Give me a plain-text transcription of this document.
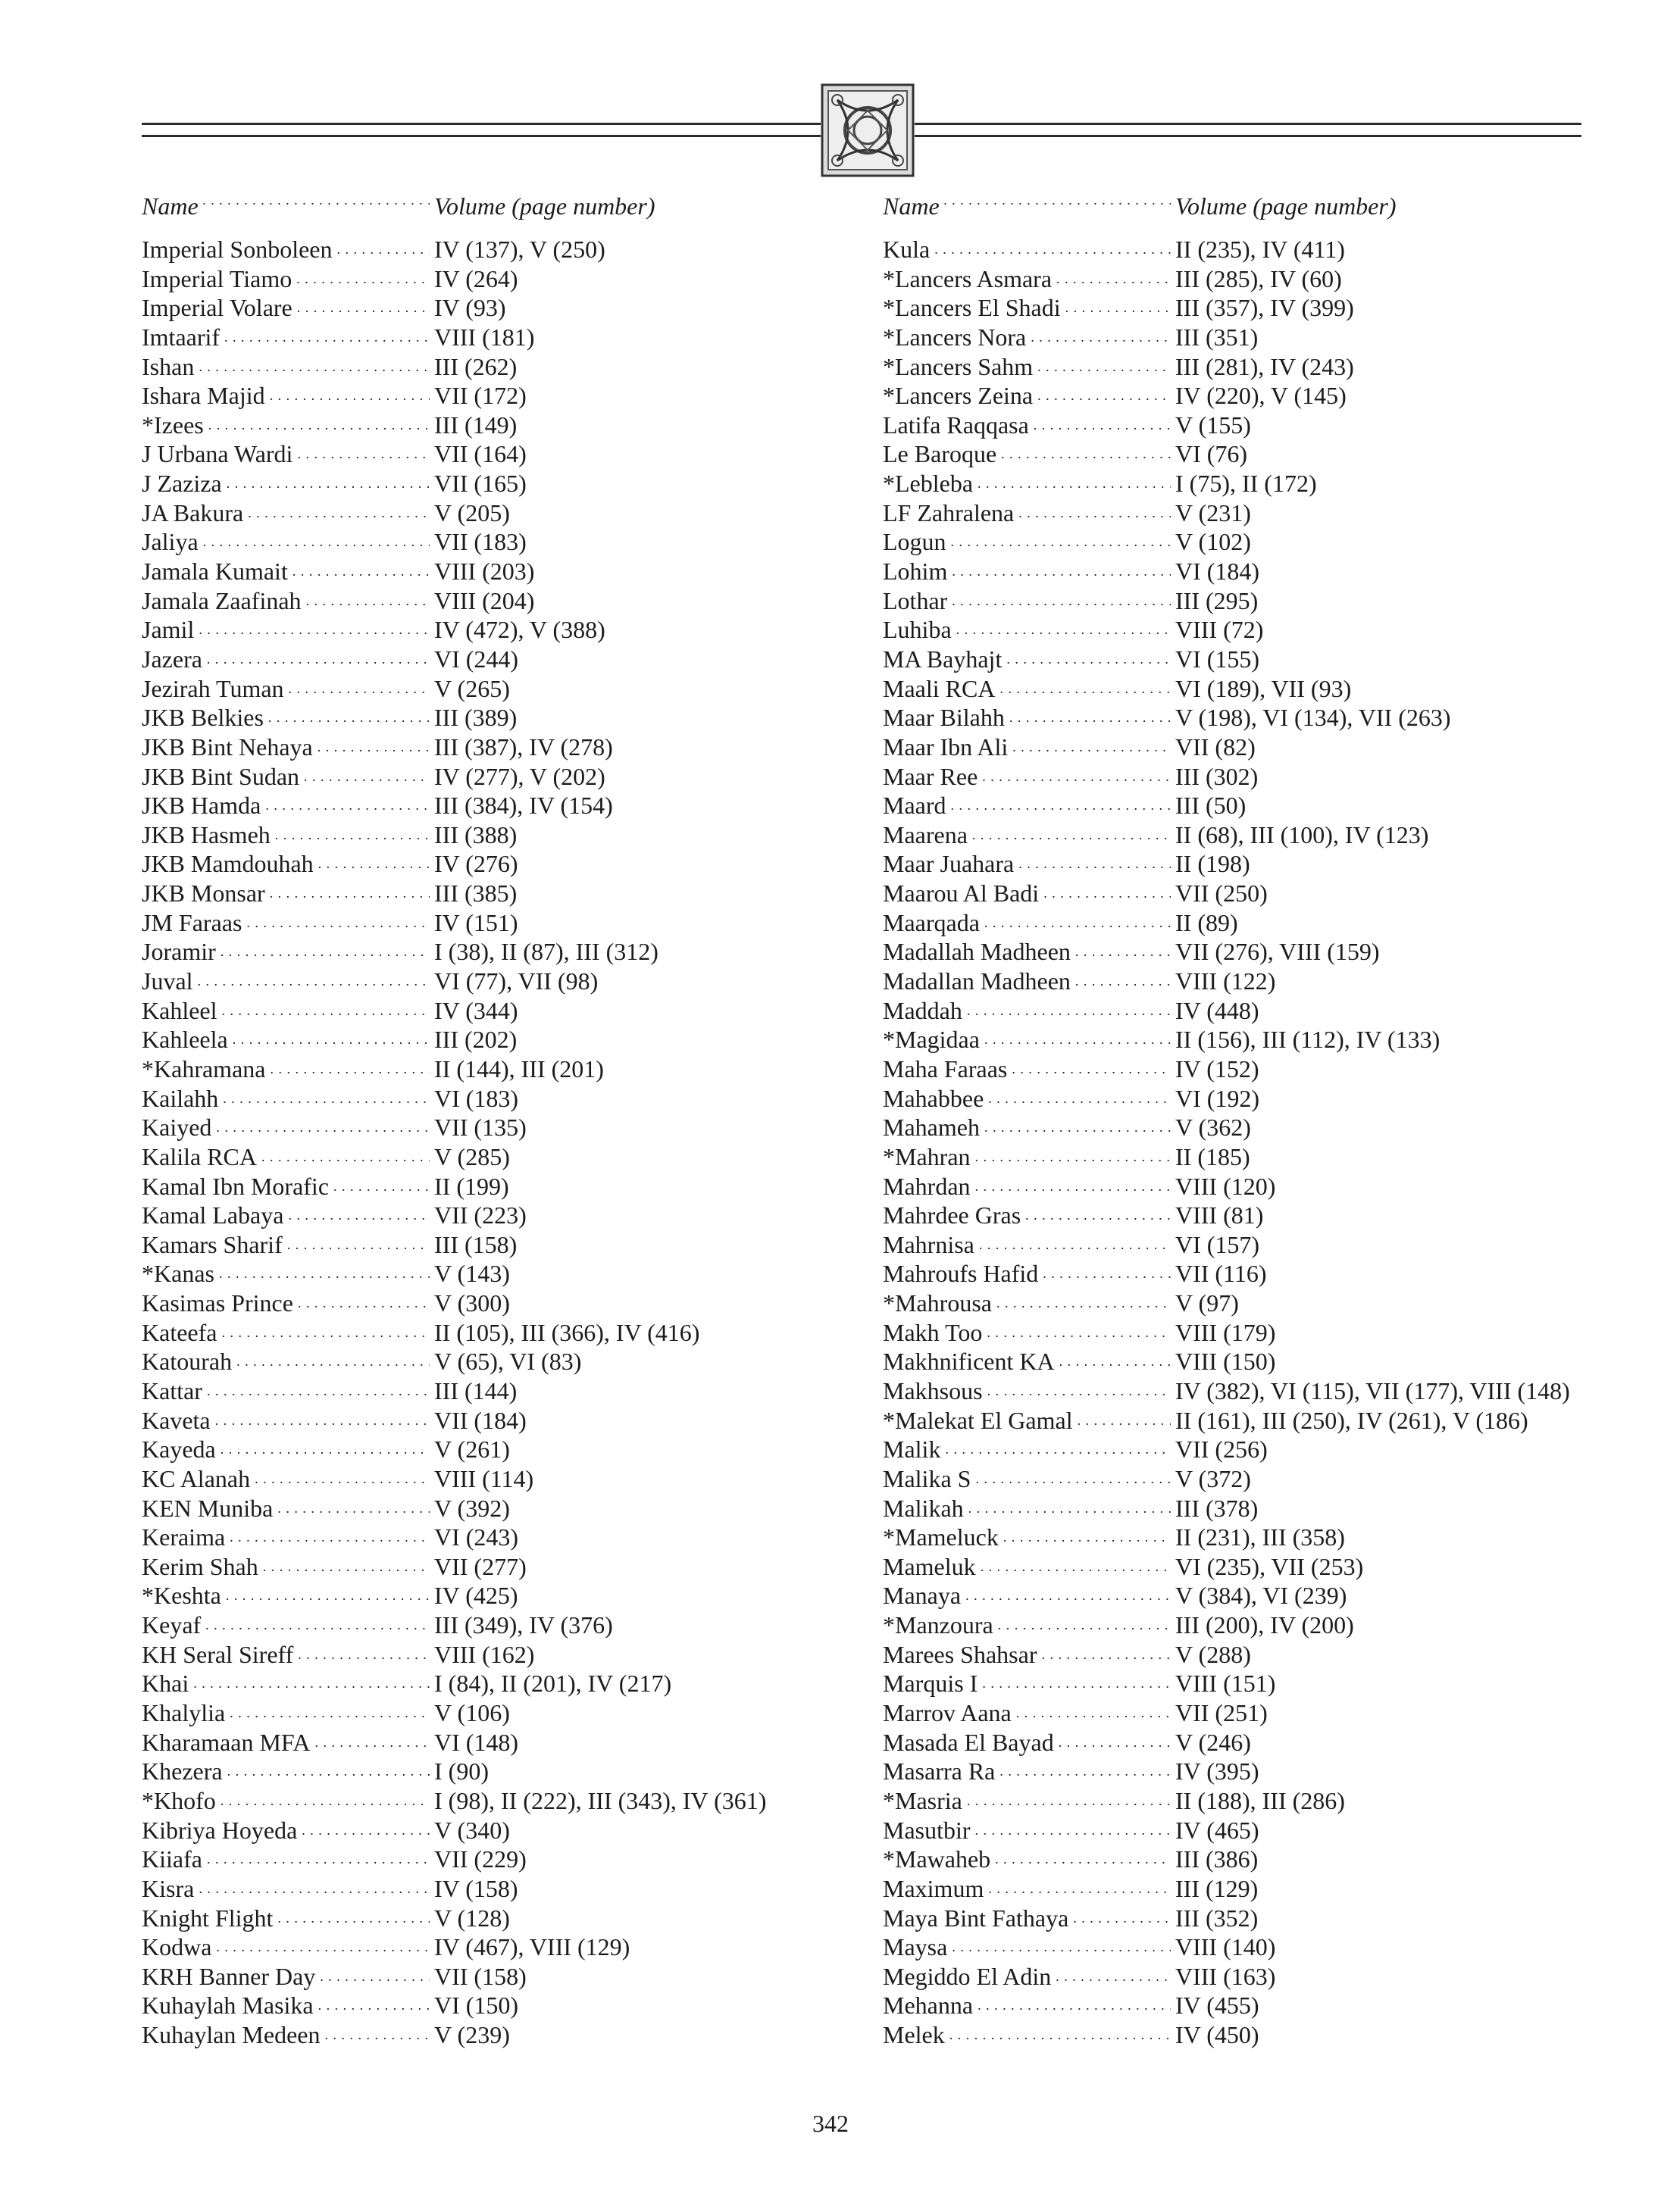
Name . . .	Volume (page number)
Imperial Sonboleen . . .	IV (137), V (250)
Imperial Tiamo . . .	IV (264)
Imperial Volare . . .	IV (93)
Imtaarif . . .	VIII (181)
Ishan . . .	III (262)
Ishara Majid . . .	VII (172)
*Izees . . .	III (149)
J Urbana Wardi . . .	VII (164)
J Zaziza . . .	VII (165)
JA Bakura . . .	V (205)
Jaliya . . .	VII (183)
Jamala Kumait . . .	VIII (203)
Jamala Zaafinah . . .	VIII (204)
Jamil . . .	IV (472), V (388)
Jazera . . .	VI (244)
Jezirah Tuman . . .	V (265)
JKB Belkies . . .	III (389)
JKB Bint Nehaya . . .	III (387), IV (278)
JKB Bint Sudan . . .	IV (277), V (202)
JKB Hamda . . .	III (384), IV (154)
JKB Hasmeh . . .	III (388)
JKB Mamdouhah . . .	IV (276)
JKB Monsar . . .	III (385)
JM Faraas . . .	IV (151)
Joramir . . .	I (38), II (87), III (312)
Juval . . .	VI (77), VII (98)
Kahleel . . .	IV (344)
Kahleela . . .	III (202)
*Kahramana . . .	II (144), III (201)
Kailahh . . .	VI (183)
Kaiyed . . .	VII (135)
Kalila RCA . . .	V (285)
Kamal Ibn Morafic . . .	II (199)
Kamal Labaya . . .	VII (223)
Kamars Sharif . . .	III (158)
*Kanas . . .	V (143)
Kasimas Prince . . .	V (300)
Kateefa . . .	II (105), III (366), IV (416)
Katourah . . .	V (65), VI (83)
Kattar . . .	III (144)
Kaveta . . .	VII (184)
Kayeda . . .	V (261)
KC Alanah . . .	VIII (114)
KEN Muniba . . .	V (392)
Keraima . . .	VI (243)
Kerim Shah . . .	VII (277)
*Keshta . . .	IV (425)
Keyaf . . .	III (349), IV (376)
KH Seral Sireff . . .	VIII (162)
Khai . . .	I (84), II (201), IV (217)
Khalylia . . .	V (106)
Kharamaan MFA . . .	VI (148)
Khezera . . .	I (90)
*Khofo . . .	I (98), II (222), III (343), IV (361)
Kibriya Hoyeda . . .	V (340)
Kiiafa . . .	VII (229)
Kisra . . .	IV (158)
Knight Flight . . .	V (128)
Kodwa . . .	IV (467), VIII (129)
KRH Banner Day . . .	VII (158)
Kuhaylah Masika . . .	VI (150)
Kuhaylan Medeen . . .	V (239)
Name . . .	Volume (page number)
Kula . . .	II (235), IV (411)
*Lancers Asmara . . .	III (285), IV (60)
*Lancers El Shadi . . .	III (357), IV (399)
*Lancers Nora . . .	III (351)
*Lancers Sahm . . .	III (281), IV (243)
*Lancers Zeina . . .	IV (220), V (145)
Latifa Raqqasa . . .	V (155)
Le Baroque . . .	VI (76)
*Lebleba . . .	I (75), II (172)
LF Zahralena . . .	V (231)
Logun . . .	V (102)
Lohim . . .	VI (184)
Lothar . . .	III (295)
Luhiba . . .	VIII (72)
MA Bayhajt . . .	VI (155)
Maali RCA . . .	VI (189), VII (93)
Maar Bilahh . . .	V (198), VI (134), VII (263)
Maar Ibn Ali . . .	VII (82)
Maar Ree . . .	III (302)
Maard . . .	III (50)
Maarena . . .	II (68), III (100), IV (123)
Maar Juahara . . .	II (198)
Maarou Al Badi . . .	VII (250)
Maarqada . . .	II (89)
Madallah Madheen . . .	VII (276), VIII (159)
Madallan Madheen . . .	VIII (122)
Maddah . . .	IV (448)
*Magidaa . . .	II (156), III (112), IV (133)
Maha Faraas . . .	IV (152)
Mahabbee . . .	VI (192)
Mahameh . . .	V (362)
*Mahran . . .	II (185)
Mahrdan . . .	VIII (120)
Mahrdee Gras . . .	VIII (81)
Mahrnisa . . .	VI (157)
Mahroufs Hafid . . .	VII (116)
*Mahrousa . . .	V (97)
Makh Too . . .	VIII (179)
Makhnificent KA . . .	VIII (150)
Makhsous . . .	IV (382), VI (115), VII (177), VIII (148)
*Malekat El Gamal . . .	II (161), III (250), IV (261), V (186)
Malik . . .	VII (256)
Malika S . . .	V (372)
Malikah . . .	III (378)
*Mameluck . . .	II (231), III (358)
Mameluk . . .	VI (235), VII (253)
Manaya . . .	V (384), VI (239)
*Manzoura . . .	III (200), IV (200)
Marees Shahsar . . .	V (288)
Marquis I . . .	VIII (151)
Marrov Aana . . .	VII (251)
Masada El Bayad . . .	V (246)
Masarra Ra . . .	IV (395)
*Masria . . .	II (188), III (286)
Masutbir . . .	IV (465)
*Mawaheb . . .	III (386)
Maximum . . .	III (129)
Maya Bint Fathaya . . .	III (352)
Maysa . . .	VIII (140)
Megiddo El Adin . . .	VIII (163)
Mehanna . . .	IV (455)
Melek . . .	IV (450)
342
